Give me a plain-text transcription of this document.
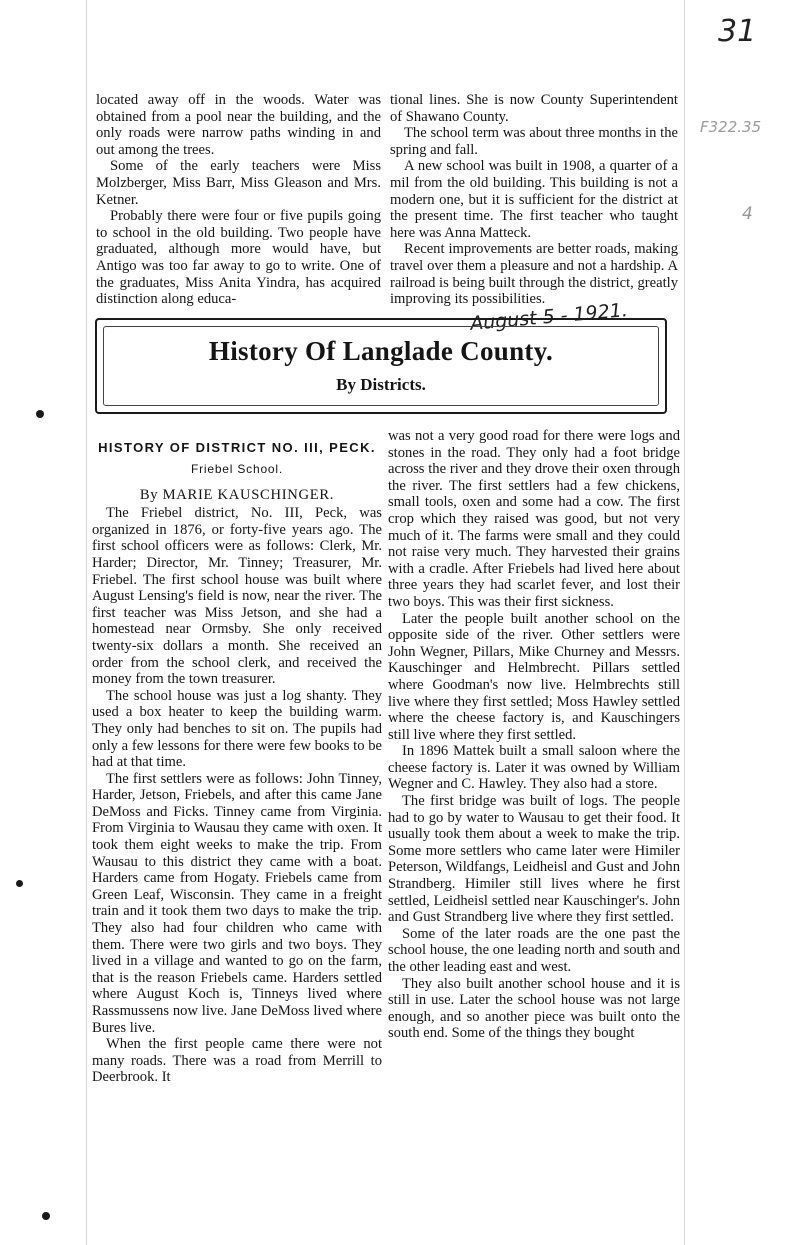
31
F322.35
4

located away off in the woods. Water was obtained from a pool near the building, and the only roads were narrow paths winding in and out among the trees.

Some of the early teachers were Miss Molzberger, Miss Barr, Miss Gleason and Mrs. Ketner.

Probably there were four or five pupils going to school in the old building. Two people have graduated, although more would have, but Antigo was too far away to go to write. One of the graduates, Miss Anita Yindra, has acquired distinction along educa-

tional lines. She is now County Superintendent of Shawano County.

The school term was about three months in the spring and fall.

A new school was built in 1908, a quarter of a mil from the old building. This building is not a modern one, but it is sufficient for the district at the present time. The first teacher who taught here was Anna Matteck.

Recent improvements are better roads, making travel over them a pleasure and not a hardship. A railroad is being built through the district, greatly improving its possibilities.

August 5 - 1921.
History Of Langlade County.
By Districts.
HISTORY OF DISTRICT NO. III, PECK.
Friebel School.
By MARIE KAUSCHINGER.

The Friebel district, No. III, Peck, was organized in 1876, or forty-five years ago. The first school officers were as follows: Clerk, Mr. Harder; Director, Mr. Tinney; Treasurer, Mr. Friebel. The first school house was built where August Lensing's field is now, near the river. The first teacher was Miss Jetson, and she had a homestead near Ormsby. She only received twenty-six dollars a month. She received an order from the school clerk, and received the money from the town treasurer.

The school house was just a log shanty. They used a box heater to keep the building warm. They only had benches to sit on. The pupils had only a few lessons for there were few books to be had at that time.

The first settlers were as follows: John Tinney, Harder, Jetson, Friebels, and after this came Jane DeMoss and Ficks. Tinney came from Virginia. From Virginia to Wausau they came with oxen. It took them eight weeks to make the trip. From Wausau to this district they came with a boat. Harders came from Hogaty. Friebels came from Green Leaf, Wisconsin. They came in a freight train and it took them two days to make the trip. They also had four children who came with them. There were two girls and two boys. They lived in a village and wanted to go on the farm, that is the reason Friebels came. Harders settled where August Koch is, Tinneys lived where Rassmussens now live. Jane DeMoss lived where Bures live.

When the first people came there were not many roads. There was a road from Merrill to Deerbrook. It

was not a very good road for there were logs and stones in the road. They only had a foot bridge across the river and they drove their oxen through the river. The first settlers had a few chickens, small tools, oxen and some had a cow. The first crop which they raised was good, but not very much of it. The farms were small and they could not raise very much. They harvested their grains with a cradle. After Friebels had lived here about three years they had scarlet fever, and lost their two boys. This was their first sickness.

Later the people built another school on the opposite side of the river. Other settlers were John Wegner, Pillars, Mike Churney and Messrs. Kauschinger and Helmbrecht. Pillars settled where Goodman's now live. Helmbrechts still live where they first settled; Moss Hawley settled where the cheese factory is, and Kauschingers still live where they first settled.

In 1896 Mattek built a small saloon where the cheese factory is. Later it was owned by William Wegner and C. Hawley. They also had a store.

The first bridge was built of logs. The people had to go by water to Wausau to get their food. It usually took them about a week to make the trip. Some more settlers who came later were Himiler Peterson, Wildfangs, Leidheisl and Gust and John Strandberg. Himiler still lives where he first settled, Leidheisl settled near Kauschinger's. John and Gust Strandberg live where they first settled.

Some of the later roads are the one past the school house, the one leading north and south and the other leading east and west.

They also built another school house and it is still in use. Later the school house was not large enough, and so another piece was built onto the south end. Some of the things they bought
